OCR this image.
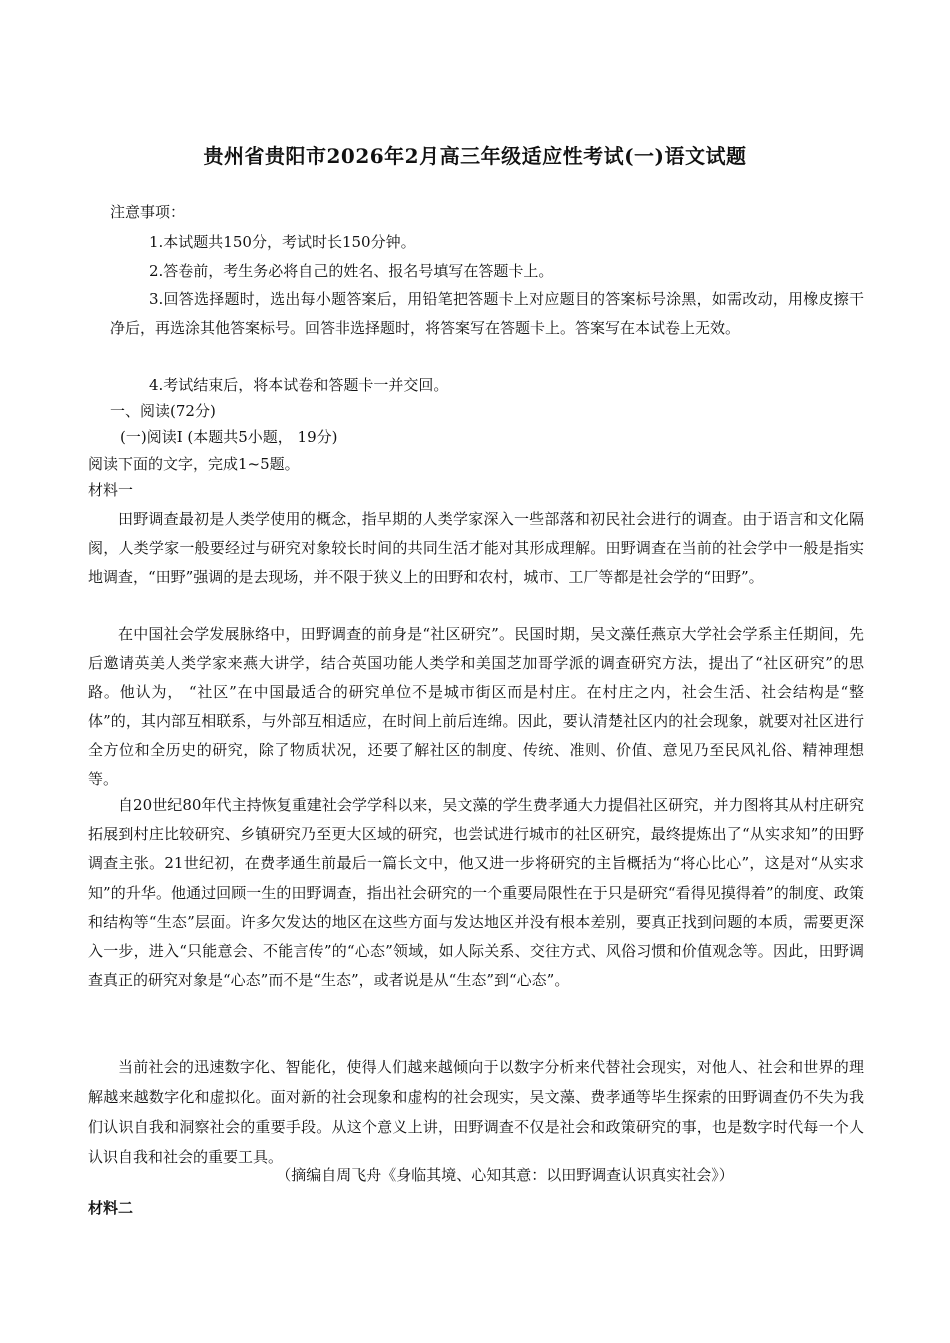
贵州省贵阳市2026年2月高三年级适应性考试(一)语文试题
注意事项：
1.本试题共150分，考试时长150分钟。
2.答卷前，考生务必将自己的姓名、报名号填写在答题卡上。
3.回答选择题时，选出每小题答案后，用铅笔把答题卡上对应题目的答案标号涂黑，如需改动，用橡皮擦干净后，再选涂其他答案标号。回答非选择题时，将答案写在答题卡上。答案写在本试卷上无效。
4.考试结束后，将本试卷和答题卡一并交回。
一、阅读(72分)
(一)阅读Ⅰ (本题共5小题， 19分)
阅读下面的文字，完成1~5题。
材料一
田野调查最初是人类学使用的概念，指早期的人类学家深入一些部落和初民社会进行的调查。由于语言和文化隔阂，人类学家一般要经过与研究对象较长时间的共同生活才能对其形成理解。田野调查在当前的社会学中一般是指实地调查，“田野”强调的是去现场，并不限于狭义上的田野和农村，城市、工厂等都是社会学的“田野”。
在中国社会学发展脉络中，田野调查的前身是“社区研究”。民国时期，吴文藻任燕京大学社会学系主任期间，先后邀请英美人类学家来燕大讲学，结合英国功能人类学和美国芝加哥学派的调查研究方法，提出了“社区研究”的思路。他认为， “社区”在中国最适合的研究单位不是城市街区而是村庄。在村庄之内，社会生活、社会结构是“整体”的，其内部互相联系，与外部互相适应，在时间上前后连绵。因此，要认清楚社区内的社会现象，就要对社区进行全方位和全历史的研究，除了物质状况，还要了解社区的制度、传统、准则、价值、意见乃至民风礼俗、精神理想等。
自20世纪80年代主持恢复重建社会学学科以来，吴文藻的学生费孝通大力提倡社区研究，并力图将其从村庄研究拓展到村庄比较研究、乡镇研究乃至更大区域的研究，也尝试进行城市的社区研究，最终提炼出了“从实求知”的田野调查主张。21世纪初，在费孝通生前最后一篇长文中，他又进一步将研究的主旨概括为“将心比心”，这是对“从实求知”的升华。他通过回顾一生的田野调查，指出社会研究的一个重要局限性在于只是研究“看得见摸得着”的制度、政策和结构等“生态”层面。许多欠发达的地区在这些方面与发达地区并没有根本差别，要真正找到问题的本质，需要更深入一步，进入“只能意会、不能言传”的“心态”领域，如人际关系、交往方式、风俗习惯和价值观念等。因此，田野调查真正的研究对象是“心态”而不是“生态”，或者说是从“生态”到“心态”。
当前社会的迅速数字化、智能化，使得人们越来越倾向于以数字分析来代替社会现实，对他人、社会和世界的理解越来越数字化和虚拟化。面对新的社会现象和虚构的社会现实，吴文藻、费孝通等毕生探索的田野调查仍不失为我们认识自我和洞察社会的重要手段。从这个意义上讲，田野调查不仅是社会和政策研究的事，也是数字时代每一个人认识自我和社会的重要工具。
（摘编自周飞舟《身临其境、心知其意：以田野调查认识真实社会》）
材料二
